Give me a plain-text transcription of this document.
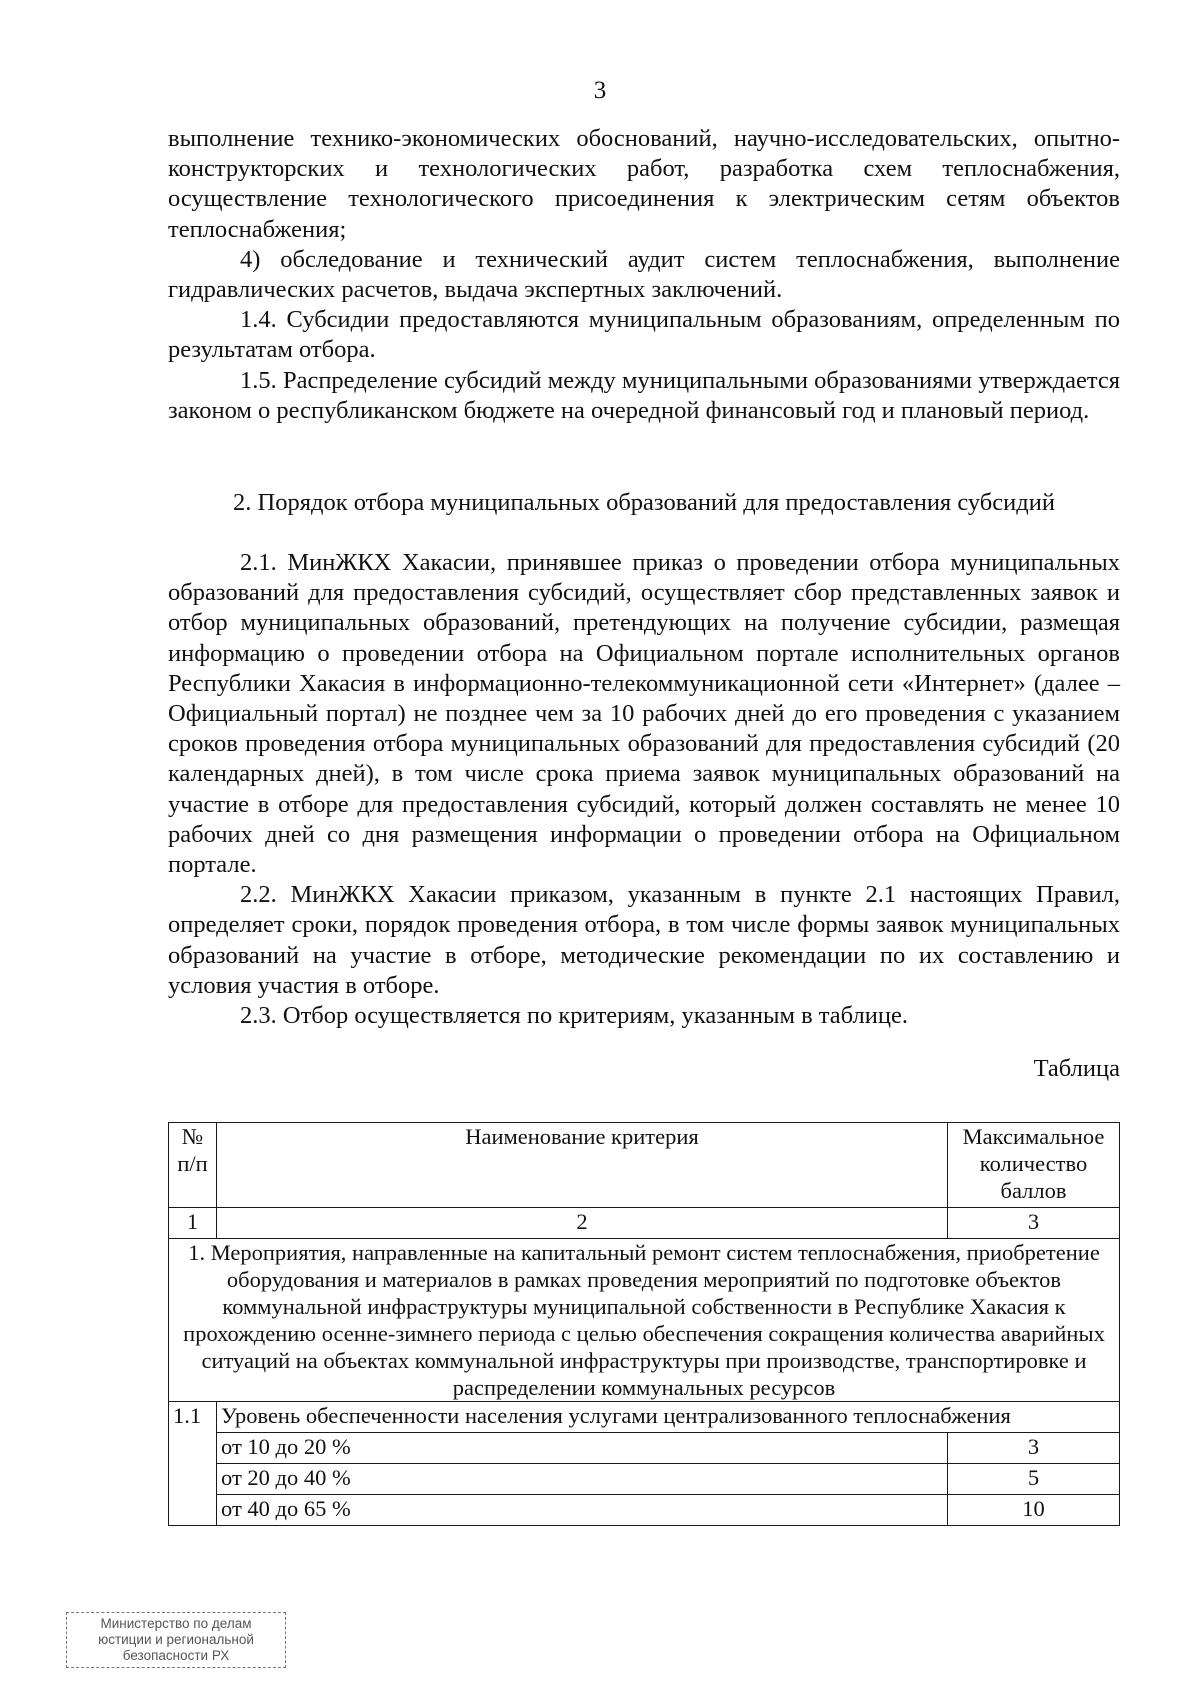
3

выполнение технико-экономических обоснований, научно-исследовательских, опытно-конструкторских и технологических работ, разработка схем теплоснабжения, осуществление технологического присоединения к электрическим сетям объектов теплоснабжения;

4) обследование и технический аудит систем теплоснабжения, выполнение гидравлических расчетов, выдача экспертных заключений.

1.4. Субсидии предоставляются муниципальным образованиям, определенным по результатам отбора.

1.5. Распределение субсидий между муниципальными образованиями утверждается законом о республиканском бюджете на очередной финансовый год и плановый период.

2. Порядок отбора муниципальных образований для предоставления субсидий

2.1. МинЖКХ Хакасии, принявшее приказ о проведении отбора муниципальных образований для предоставления субсидий, осуществляет сбор представленных заявок и отбор муниципальных образований, претендующих на получение субсидии, размещая информацию о проведении отбора на Официальном портале исполнительных органов Республики Хакасия в информационно-телекоммуникационной сети «Интернет» (далее – Официальный портал) не позднее чем за 10 рабочих дней до его проведения с указанием сроков проведения отбора муниципальных образований для предоставления субсидий (20 календарных дней), в том числе срока приема заявок муниципальных образований на участие в отборе для предоставления субсидий, который должен составлять не менее 10 рабочих дней со дня размещения информации о проведении отбора на Официальном портале.

2.2. МинЖКХ Хакасии приказом, указанным в пункте 2.1 настоящих Правил, определяет сроки, порядок проведения отбора, в том числе формы заявок муниципальных образований на участие в отборе, методические рекомендации по их составлению и условия участия в отборе.

2.3. Отбор осуществляется по критериям, указанным в таблице.

Таблица
№ п/п	Наименование критерия	Максимальное количество баллов
1	2	3
1. Мероприятия, направленные на капитальный ремонт систем теплоснабжения, приобретение оборудования и материалов в рамках проведения мероприятий по подготовке объектов коммунальной инфраструктуры муниципальной собственности в Республике Хакасия к прохождению осенне-зимнего периода с целью обеспечения сокращения количества аварийных ситуаций на объектах коммунальной инфраструктуры при производстве, транспортировке и распределении коммунальных ресурсов		
1.1	Уровень обеспеченности населения услугами централизованного теплоснабжения	
	от 10 до 20 %	3
	от 20 до 40 %	5
	от 40 до 65 %	10
Министерство по делам
юстиции и региональной
безопасности РХ
